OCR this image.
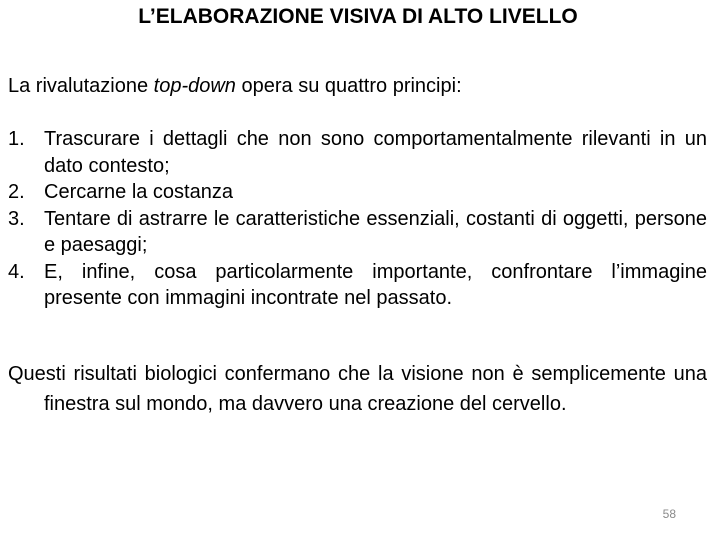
L’ELABORAZIONE VISIVA DI ALTO LIVELLO
La rivalutazione top-down opera su quattro principi:
1. Trascurare i dettagli che non sono comportamentalmente rilevanti in un dato contesto;
2. Cercarne la costanza
3. Tentare di astrarre le caratteristiche essenziali, costanti di oggetti, persone e paesaggi;
4. E, infine, cosa particolarmente importante, confrontare l’immagine presente con immagini incontrate nel passato.
Questi risultati biologici confermano che la visione non è semplicemente una finestra sul mondo, ma davvero una creazione del cervello.
58
